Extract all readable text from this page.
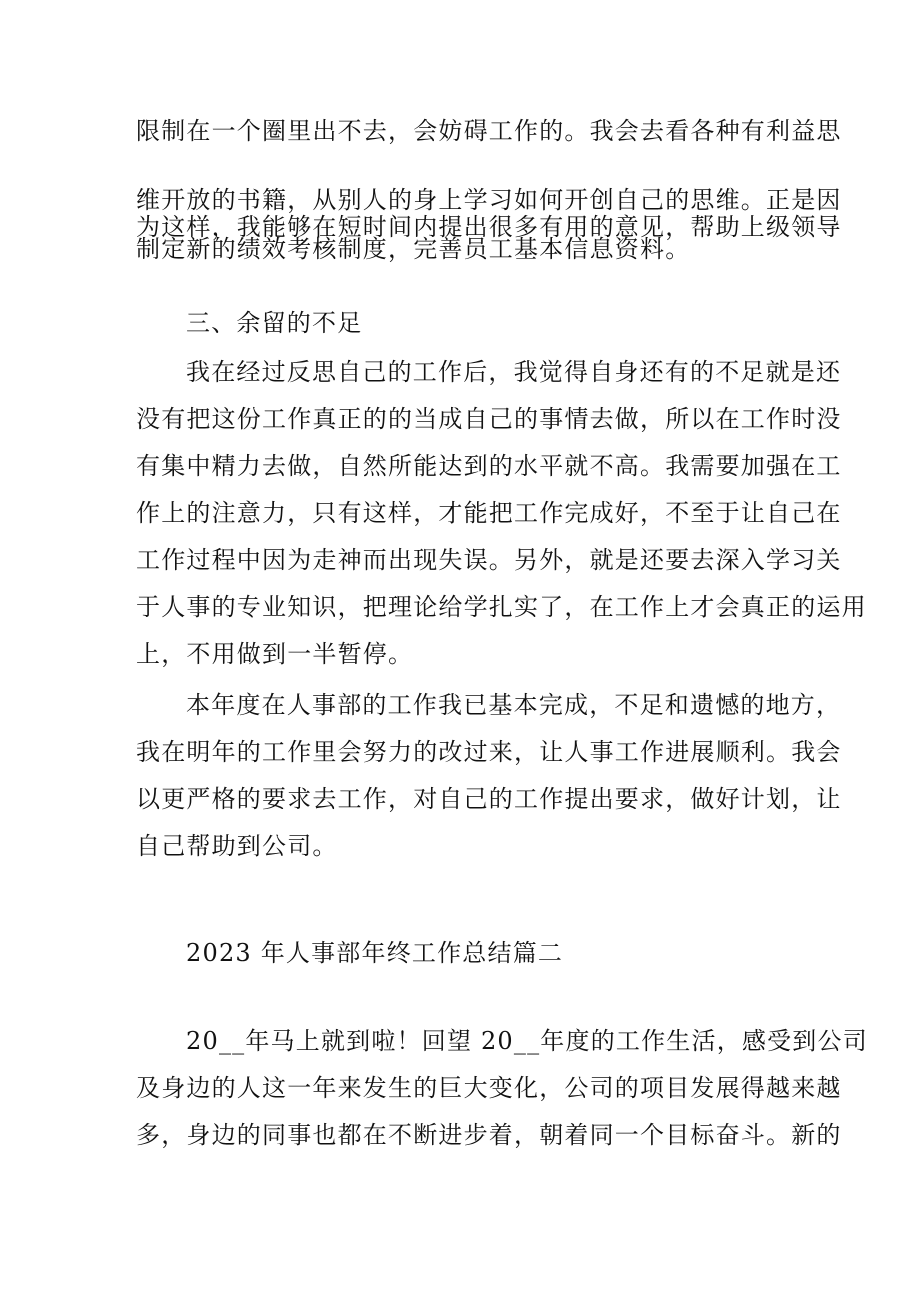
限制在一个圈里出不去，会妨碍工作的。我会去看各种有利益思

维开放的书籍，从别人的身上学习如何开创自己的思维。正是因

为这样，我能够在短时间内提出很多有用的意见，帮助上级领导

制定新的绩效考核制度，完善员工基本信息资料。

三、余留的不足

我在经过反思自己的工作后，我觉得自身还有的不足就是还

没有把这份工作真正的的当成自己的事情去做，所以在工作时没

有集中精力去做，自然所能达到的水平就不高。我需要加强在工

作上的注意力，只有这样，才能把工作完成好，不至于让自己在

工作过程中因为走神而出现失误。另外，就是还要去深入学习关

于人事的专业知识，把理论给学扎实了，在工作上才会真正的运用

上，不用做到一半暂停。

本年度在人事部的工作我已基本完成，不足和遗憾的地方，

我在明年的工作里会努力的改过来，让人事工作进展顺利。我会

以更严格的要求去工作，对自己的工作提出要求，做好计划，让

自己帮助到公司。

2023 年人事部年终工作总结篇二

20__年马上就到啦！回望 20__年度的工作生活，感受到公司

及身边的人这一年来发生的巨大变化，公司的项目发展得越来越

多，身边的同事也都在不断进步着，朝着同一个目标奋斗。新的
